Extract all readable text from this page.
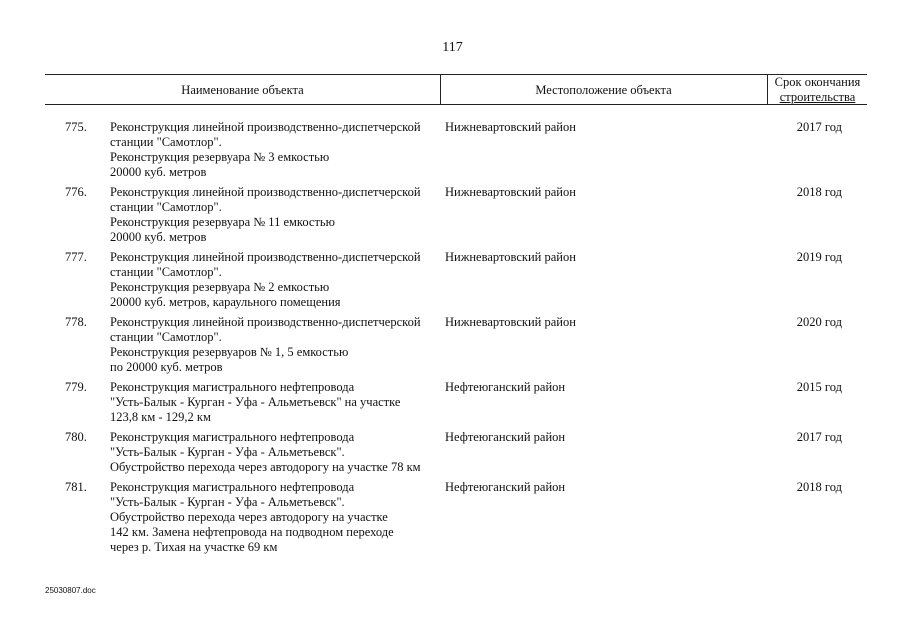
117
Наименование объекта	Местоположение объекта
Срок окончания
строительства
775.	Реконструкция линейной производственно-диспетчерской
станции "Самотлор".
Реконструкция резервуара № 3 емкостью
20000 куб. метров
Нижневартовский район	2017 год
776.	Реконструкция линейной производственно-диспетчерской
станции "Самотлор".
Реконструкция резервуара № 11 емкостью
20000 куб. метров
Нижневартовский район	2018 год
777.	Реконструкция линейной производственно-диспетчерской
станции "Самотлор".
Реконструкция резервуара № 2 емкостью
20000 куб. метров, караульного помещения
Нижневартовский район	2019 год
778.	Реконструкция линейной производственно-диспетчерской
станции "Самотлор".
Реконструкция резервуаров № 1, 5 емкостью
по 20000 куб. метров
Нижневартовский район	2020 год
779.	Реконструкция магистрального нефтепровода
"Усть-Балык - Курган - Уфа - Альметьевск" на участке
123,8 км - 129,2 км
Нефтеюганский район	2015 год
780.	Реконструкция магистрального нефтепровода
"Усть-Балык - Курган - Уфа - Альметьевск".
Обустройство перехода через автодорогу на участке 78 км
Нефтеюганский район	2017 год
781.	Реконструкция магистрального нефтепровода
"Усть-Балык - Курган - Уфа - Альметьевск".
Обустройство перехода через автодорогу на участке
142 км. Замена нефтепровода на подводном переходе
через р. Тихая на участке 69 км
Нефтеюганский район	2018 год
25030807.doc
